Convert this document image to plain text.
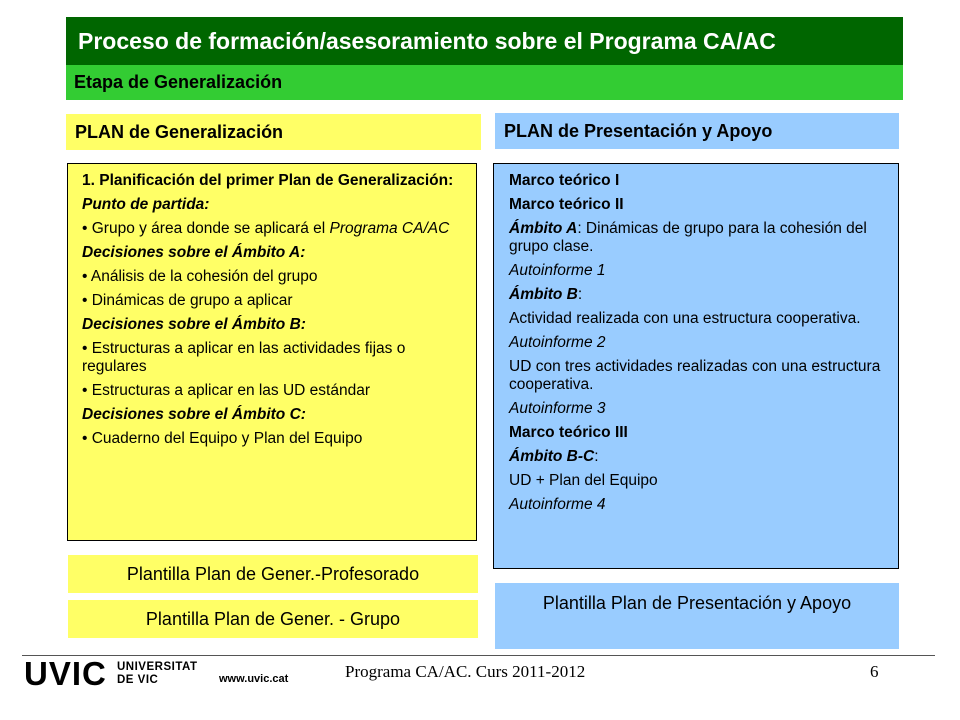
Proceso de formación/asesoramiento sobre el Programa CA/AC
Etapa de Generalización
PLAN de Generalización	PLAN de Presentación y Apoyo

1. Planificación del primer Plan de Generalización:

Punto de partida:

• Grupo y área donde se aplicará el Programa CA/AC

Decisiones sobre el Ámbito A:

• Análisis de la cohesión del grupo

• Dinámicas de grupo a aplicar

Decisiones sobre el Ámbito B:

• Estructuras a aplicar en las actividades fijas o regulares

• Estructuras a aplicar en las UD estándar

Decisiones sobre el Ámbito C:

• Cuaderno del Equipo y Plan del Equipo

Marco teórico I

Marco teórico II

Ámbito A: Dinámicas de grupo para la cohesión del grupo clase.

Autoinforme 1

Ámbito B:

Actividad realizada con una estructura cooperativa.

Autoinforme 2

UD con tres actividades realizadas con una estructura cooperativa.

Autoinforme 3

Marco teórico III

Ámbito B-C:

UD + Plan del Equipo

Autoinforme 4

Plantilla Plan de Gener.-Profesorado
Plantilla Plan de Gener. - Grupo
Plantilla Plan de Presentación y Apoyo
UVIC UNIVERSITAT
DE VIC	www.uvic.cat	Programa CA/AC. Curs 2011-2012	6
